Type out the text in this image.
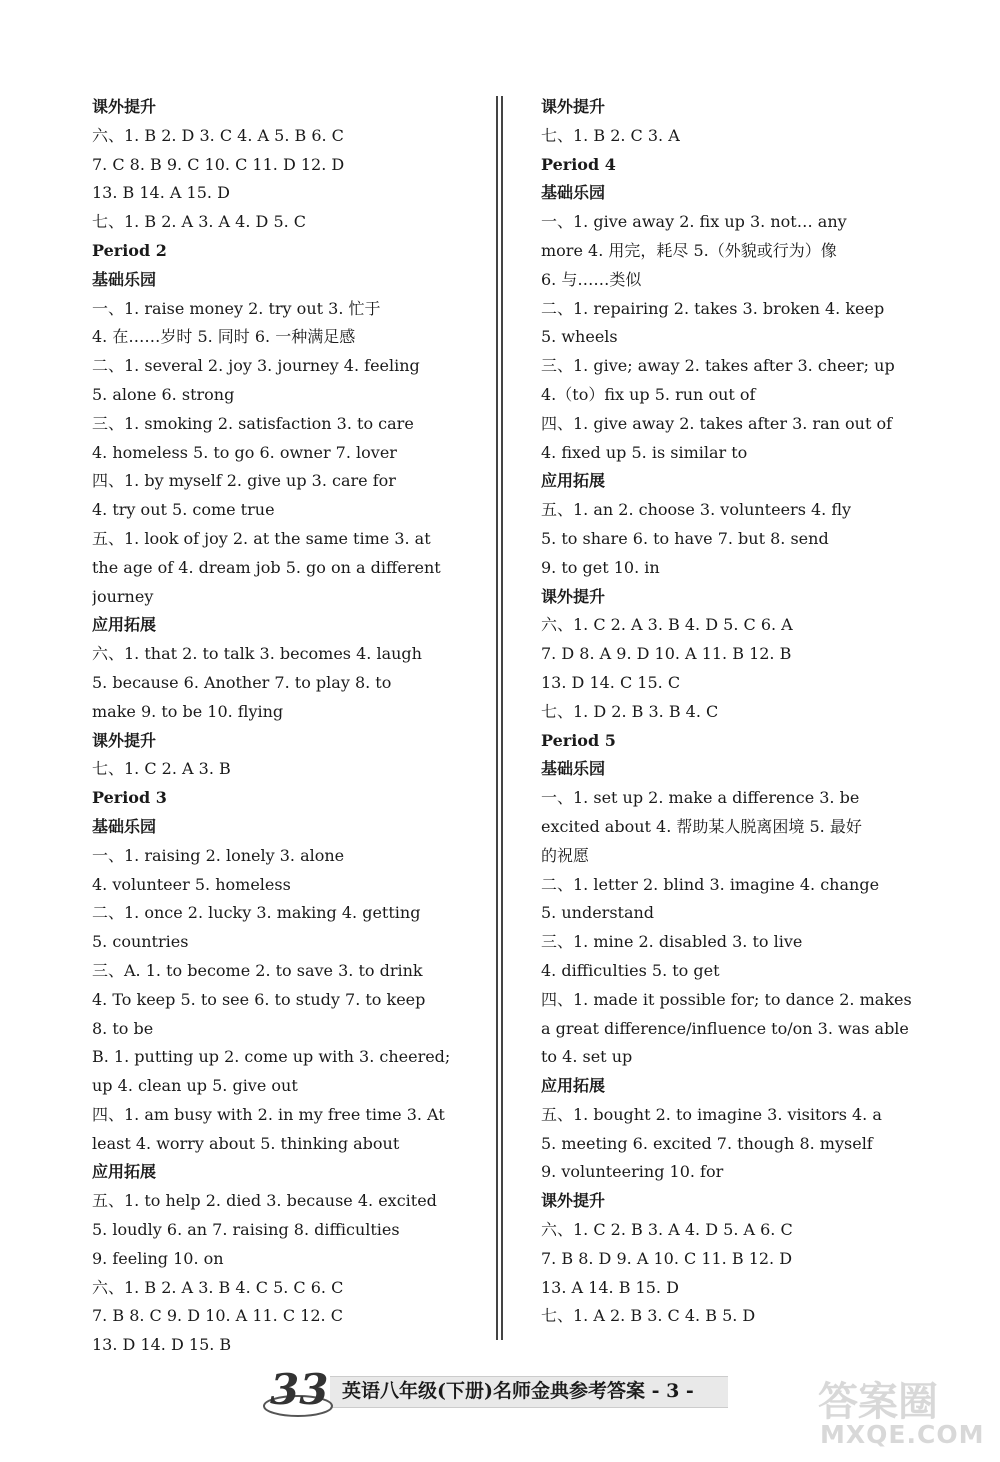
课外提升
六、1. B 2. D 3. C 4. A 5. B 6. C
7. C 8. B 9. C 10. C 11. D 12. D
13. B 14. A 15. D
七、1. B 2. A 3. A 4. D 5. C
Period 2
基础乐园
一、1. raise money 2. try out 3. 忙于
4. 在……岁时 5. 同时 6. 一种满足感
二、1. several 2. joy 3. journey 4. feeling
5. alone 6. strong
三、1. smoking 2. satisfaction 3. to care
4. homeless 5. to go 6. owner 7. lover
四、1. by myself 2. give up 3. care for
4. try out 5. come true
五、1. look of joy 2. at the same time 3. at
the age of 4. dream job 5. go on a different
journey
应用拓展
六、1. that 2. to talk 3. becomes 4. laugh
5. because 6. Another 7. to play 8. to
make 9. to be 10. flying
课外提升
七、1. C 2. A 3. B
Period 3
基础乐园
一、1. raising 2. lonely 3. alone
4. volunteer 5. homeless
二、1. once 2. lucky 3. making 4. getting
5. countries
三、A. 1. to become 2. to save 3. to drink
4. To keep 5. to see 6. to study 7. to keep
8. to be
B. 1. putting up 2. come up with 3. cheered;
up 4. clean up 5. give out
四、1. am busy with 2. in my free time 3. At
least 4. worry about 5. thinking about
应用拓展
五、1. to help 2. died 3. because 4. excited
5. loudly 6. an 7. raising 8. difficulties
9. feeling 10. on
六、1. B 2. A 3. B 4. C 5. C 6. C
7. B 8. C 9. D 10. A 11. C 12. C
13. D 14. D 15. B
课外提升
七、1. B 2. C 3. A
Period 4
基础乐园
一、1. give away 2. fix up 3. not… any
more 4. 用完，耗尽 5.（外貌或行为）像
6. 与……类似
二、1. repairing 2. takes 3. broken 4. keep
5. wheels
三、1. give; away 2. takes after 3. cheer; up
4.（to）fix up 5. run out of
四、1. give away 2. takes after 3. ran out of
4. fixed up 5. is similar to
应用拓展
五、1. an 2. choose 3. volunteers 4. fly
5. to share 6. to have 7. but 8. send
9. to get 10. in
课外提升
六、1. C 2. A 3. B 4. D 5. C 6. A
7. D 8. A 9. D 10. A 11. B 12. B
13. D 14. C 15. C
七、1. D 2. B 3. B 4. C
Period 5
基础乐园
一、1. set up 2. make a difference 3. be
excited about 4. 帮助某人脱离困境 5. 最好
的祝愿
二、1. letter 2. blind 3. imagine 4. change
5. understand
三、1. mine 2. disabled 3. to live
4. difficulties 5. to get
四、1. made it possible for; to dance 2. makes
a great difference/influence to/on 3. was able
to 4. set up
应用拓展
五、1. bought 2. to imagine 3. visitors 4. a
5. meeting 6. excited 7. though 8. myself
9. volunteering 10. for
课外提升
六、1. C 2. B 3. A 4. D 5. A 6. C
7. B 8. D 9. A 10. C 11. B 12. D
13. A 14. B 15. D
七、1. A 2. B 3. C 4. B 5. D
33 英语八年级(下册)名师金典参考答案 - 3 -	答案圈
MXQE.COM
